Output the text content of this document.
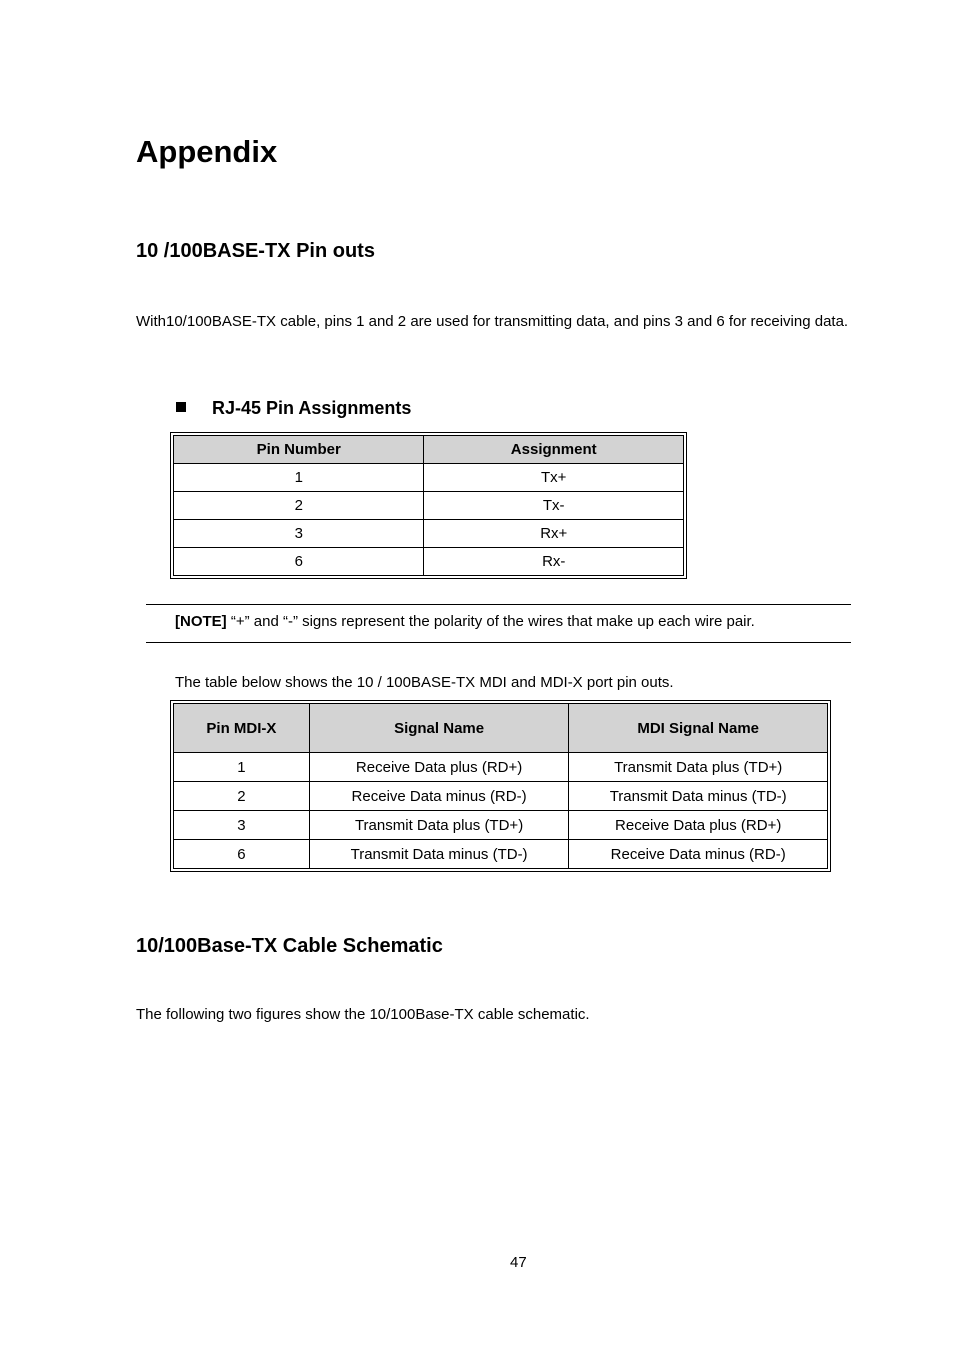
Appendix
10 /100BASE-TX Pin outs
With10/100BASE-TX cable, pins 1 and 2 are used for transmitting data, and pins 3 and 6 for receiving data.
RJ-45 Pin Assignments
Pin Number	Assignment
1	Tx+
2	Tx-
3	Rx+
6	Rx-
[NOTE] “+” and “-” signs represent the polarity of the wires that make up each wire pair.
The table below shows the 10 / 100BASE-TX MDI and MDI-X port pin outs.
Pin MDI-X	Signal Name	MDI Signal Name
1	Receive Data plus (RD+)	Transmit Data plus (TD+)
2	Receive Data minus (RD-)	Transmit Data minus (TD-)
3	Transmit Data plus (TD+)	Receive Data plus (RD+)
6	Transmit Data minus (TD-)	Receive Data minus (RD-)
10/100Base-TX Cable Schematic
The following two figures show the 10/100Base-TX cable schematic.
47
